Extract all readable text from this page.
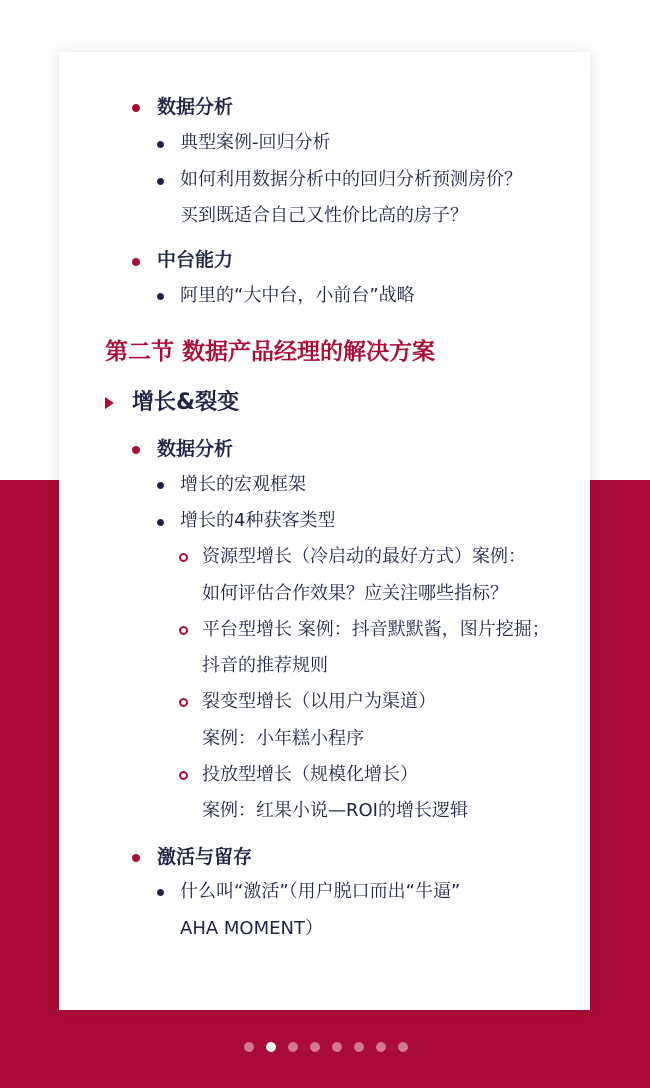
数据分析
典型案例-回归分析
如何利用数据分析中的回归分析预测房价？
买到既适合自己又性价比高的房子？
中台能力
阿里的“大中台，小前台”战略
第二节 数据产品经理的解决方案
增长&裂变
数据分析
增长的宏观框架
增长的4种获客类型
资源型增长（冷启动的最好方式）案例：
如何评估合作效果？应关注哪些指标？
平台型增长 案例：抖音默默酱，图片挖掘；
抖音的推荐规则
裂变型增长（以用户为渠道）
案例：小年糕小程序
投放型增长（规模化增长）
案例：红果小说—ROI的增长逻辑
激活与留存
什么叫“激活”（用户脱口而出“牛逼”
AHA MOMENT）
